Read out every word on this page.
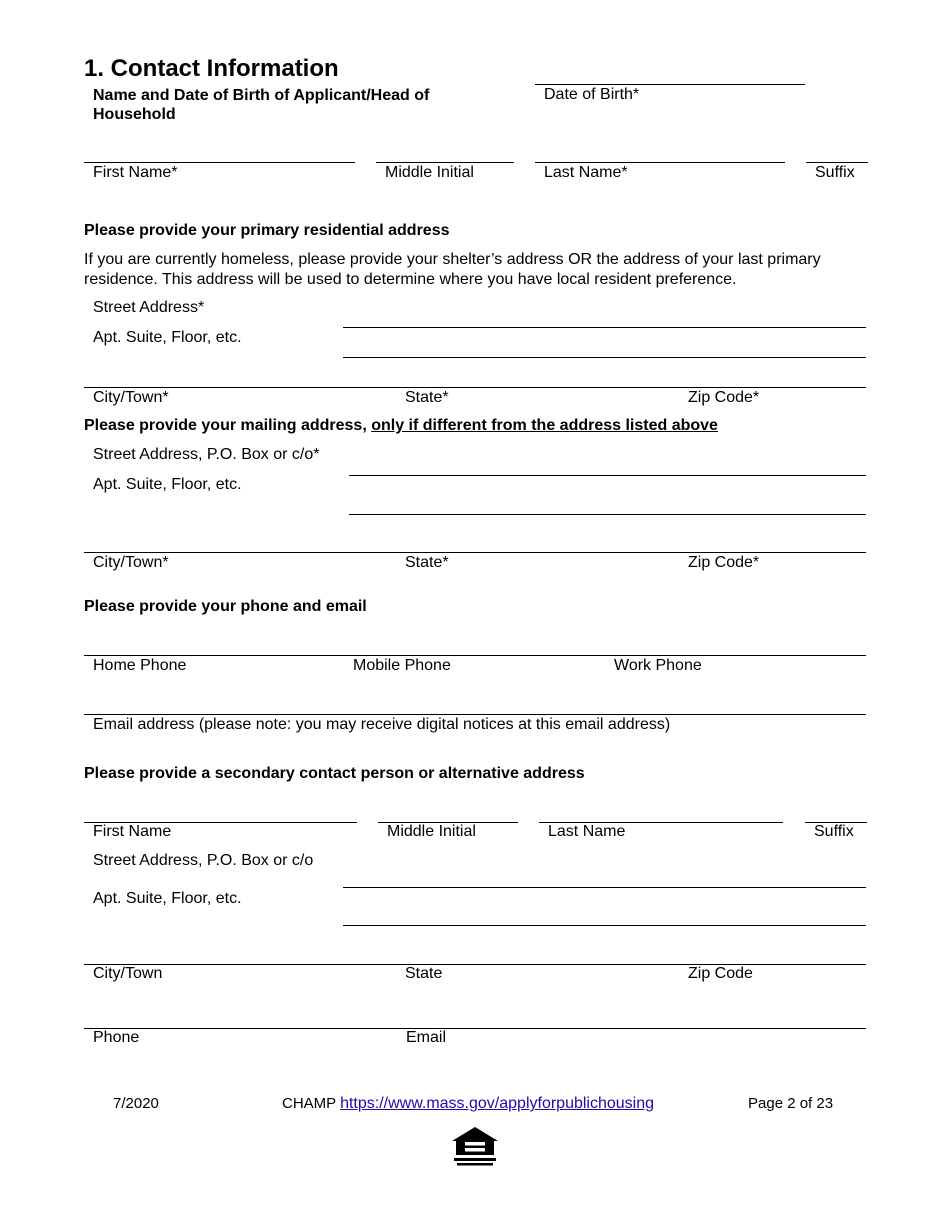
1. Contact Information
Name and Date of Birth of Applicant/Head of Household
Date of Birth*
First Name*	Middle Initial	Last Name*	Suffix
Please provide your primary residential address
If you are currently homeless, please provide your shelter’s address OR the address of your last primary residence. This address will be used to determine where you have local resident preference.
Street Address*
Apt. Suite, Floor, etc.
City/Town*	State*	Zip Code*
Please provide your mailing address, only if different from the address listed above
Street Address, P.O. Box or c/o*
Apt. Suite, Floor, etc.
City/Town*	State*	Zip Code*
Please provide your phone and email
Home Phone	Mobile Phone	Work Phone
Email address (please note: you may receive digital notices at this email address)
Please provide a secondary contact person or alternative address
First Name	Middle Initial	Last Name	Suffix
Street Address, P.O. Box or c/o
Apt. Suite, Floor, etc.
City/Town	State	Zip Code
Phone	Email
7/2020	CHAMP https://www.mass.gov/applyforpublichousing	Page 2 of 23
